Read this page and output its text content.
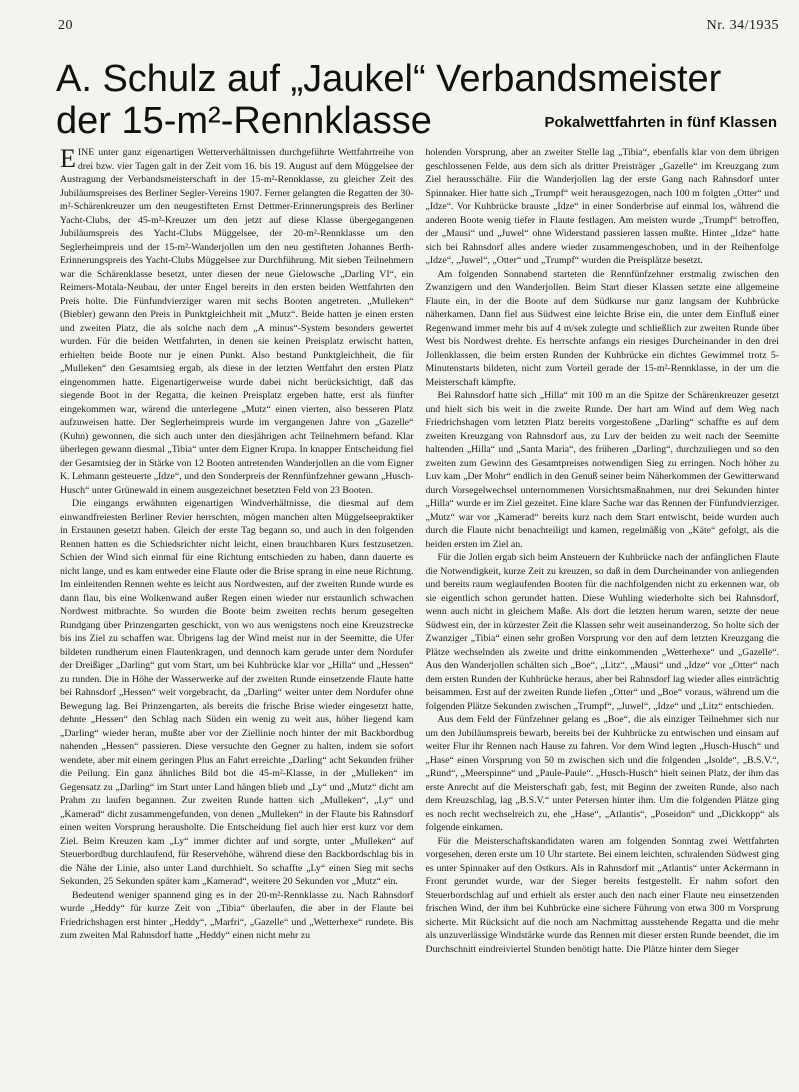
20	Nr. 34/1935
A. Schulz auf „Jaukel“ Verbandsmeister
der 15-m²-Rennklasse	Pokalwettfahrten in fünf Klassen

EINE unter ganz eigenartigen Wetterverhältnissen durchgeführte Wettfahrtreihe von drei bzw. vier Tagen galt in der Zeit vom 16. bis 19. August auf dem Müggelsee der Austragung der Verbandsmeisterschaft in der 15-m²-Rennklasse, zu gleicher Zeit des Jubiläumspreises des Berliner Segler-Vereins 1907. Ferner gelangten die Regatten der 30-m²-Schärenkreuzer um den neugestifteten Ernst Dettmer-Erinnerungspreis des Berliner Yacht-Clubs, der 45-m²-Kreuzer um den jetzt auf diese Klasse übergegangenen Jubiläumspreis des Yacht-Clubs Müggelsee, der 20-m²-Rennklasse um den Seglerheimpreis und der 15-m²-Wanderjollen um den neu gestifteten Johannes Berth-Erinnerungspreis des Yacht-Clubs Müggelsee zur Durchführung. Mit sieben Teilnehmern war die Schärenklasse besetzt, unter diesen der neue Gielowsche „Darling VI“, ein Reimers-Motala-Neubau, der unter Engel bereits in den ersten beiden Wettfahrten den Preis holte. Die Fünfundvierziger waren mit sechs Booten angetreten. „Mulleken“ (Biebler) gewann den Preis in Punktgleichheit mit „Mutz“. Beide hatten je einen ersten und zweiten Platz, die als solche nach dem „A minus“-System besonders gewertet wurden. Für die beiden Wettfahrten, in denen sie keinen Preisplatz erwischt hatten, erhielten beide Boote nur je einen Punkt. Also bestand Punktgleichheit, die für „Mulleken“ den Gesamtsieg ergab, als diese in der letzten Wettfahrt den ersten Platz eingenommen hatte. Eigenartigerweise wurde dabei nicht berücksichtigt, daß das siegende Boot in der Regatta, die keinen Preisplatz ergeben hatte, erst als fünfter eingekommen war, wärend die unterlegene „Mutz“ einen vierten, also besseren Platz aufzuweisen hatte. Der Seglerheimpreis wurde im vergangenen Jahre von „Gazelle“ (Kuhn) gewonnen, die sich auch unter den diesjährigen acht Teilnehmern befand. Klar überlegen gewann diesmal „Tibia“ unter dem Eigner Krupa. In knapper Entscheidung fiel der Gesamtsieg der in Stärke von 12 Booten antretenden Wanderjollen an die vom Eigner K. Lehmann gesteuerte „Idze“, und den Sonderpreis der Rennfünfzehner gewann „Husch-Husch“ unter Grünewald in einem ausgezeichnet besetzten Feld von 23 Booten.

Die eingangs erwähnten eigenartigen Windverhältnisse, die diesmal auf dem einwandfreiesten Berliner Revier herrschten, mögen manchen alten Müggelseepraktiker in Erstaunen gesetzt haben. Gleich der erste Tag begann so, und auch in den folgenden Rennen hatten es die Schiedsrichter nicht leicht, einen brauchbaren Kurs festzusetzen. Schien der Wind sich einmal für eine Richtung entschieden zu haben, dann dauerte es nicht lange, und es kam entweder eine Flaute oder die Brise sprang in eine neue Richtung. Im einleitenden Rennen wehte es leicht aus Nordwesten, auf der zweiten Runde wurde es dann flau, bis eine Wolkenwand außer Regen einen wieder nur erstaunlich schwachen Nordwest mitbrachte. So wurden die Boote beim zweiten rechts herum gesegelten Rundgang über Prinzengarten geschickt, von wo aus wenigstens noch eine Kreuzstrecke bis ins Ziel zu schaffen war. Übrigens lag der Wind meist nur in der Seemitte, die Ufer bildeten rundherum einen Flautenkragen, und dennoch kam gerade unter dem Nordufer der Dreißiger „Darling“ gut vom Start, um bei Kuhbrücke klar vor „Hilla“ und „Hessen“ zu runden. Die in Höhe der Wasserwerke auf der zweiten Runde einsetzende Flaute hatte bei Rahnsdorf „Hessen“ weit vorgebracht, da „Darling“ weiter unter dem Nordufer ohne Bewegung lag. Bei Prinzengarten, als bereits die frische Brise wieder eingesetzt hatte, dehnte „Hessen“ den Schlag nach Süden ein wenig zu weit aus, höher liegend kam „Darling“ wieder heran, mußte aber vor der Ziellinie noch hinter der mit Backbordbug nahenden „Hessen“ passieren. Diese versuchte den Gegner zu halten, indem sie sofort wendete, aber mit einem geringen Plus an Fahrt erreichte „Darling“ acht Sekunden früher die Peilung. Ein ganz ähnliches Bild bot die 45-m²-Klasse, in der „Mulleken“ im Gegensatz zu „Darling“ im Start unter Land hängen blieb und „Ly“ und „Mutz“ dicht am Prahm zu laufen begannen. Zur zweiten Runde hatten sich „Mulleken“, „Ly“ und „Kamerad“ dicht zusammengefunden, von denen „Mulleken“ in der Flaute bis Rahnsdorf einen weiten Vorsprung herausholte. Die Entscheidung fiel auch hier erst kurz vor dem Ziel. Beim Kreuzen kam „Ly“ immer dichter auf und sorgte, unter „Mulleken“ auf Steuerbordbug durchlaufend, für Reservehöhe, während diese den Backbordschlag bis in die Nähe der Linie, also unter Land durchhielt. So schaffte „Ly“ einen Sieg mit sechs Sekunden, 25 Sekunden später kam „Kamerad“, weitere 20 Sekunden vor „Mutz“ ein.

Bedeutend weniger spannend ging es in der 20-m²-Rennklasse zu. Nach Rahnsdorf wurde „Heddy“ für kurze Zeit von „Tibia“ überlaufen, die aber in der Flaute bei Friedrichshagen erst hinter „Heddy“, „Marfri“, „Gazelle“ und „Wetterhexe“ rundete. Bis zum zweiten Mal Rahnsdorf hatte „Heddy“ einen nicht mehr zu

holenden Vorsprung, aber an zweiter Stelle lag „Tibia“, ebenfalls klar von dem übrigen geschlossenen Felde, aus dem sich als dritter Preisträger „Gazelle“ im Kreuzgang zum Ziel herausschälte. Für die Wanderjollen lag der erste Gang nach Rahnsdorf unter Spinnaker. Hier hatte sich „Trumpf“ weit herausgezogen, nach 100 m folgten „Otter“ und „Idze“. Vor Kuhbrücke brauste „Idze“ in einer Sonderbrise auf einmal los, während die anderen Boote wenig tiefer in Flaute festlagen. Am meisten wurde „Trumpf“ betroffen, der „Mausi“ und „Juwel“ ohne Widerstand passieren lassen mußte. Hinter „Idze“ hatte sich bei Rahnsdorf alles andere wieder zusammengeschoben, und in der Reihenfolge „Idze“, „Juwel“, „Otter“ und „Trumpf“ wurden die Preisplätze besetzt.

Am folgenden Sonnabend starteten die Rennfünfzehner erstmalig zwischen den Zwanzigern und den Wanderjollen. Beim Start dieser Klassen setzte eine allgemeine Flaute ein, in der die Boote auf dem Südkurse nur ganz langsam der Kuhbrücke näherkamen. Dann fiel aus Südwest eine leichte Brise ein, die unter dem Einfluß einer Regenwand immer mehr bis auf 4 m/sek zulegte und schließlich zur zweiten Runde über West bis Nordwest drehte. Es herrschte anfangs ein riesiges Durcheinander in den drei Jollenklassen, die beim ersten Runden der Kuhbrücke ein dichtes Gewimmel trotz 5-Minutenstarts bildeten, nicht zum Vorteil gerade der 15-m²-Rennklasse, in der um die Meisterschaft kämpfte.

Bei Rahnsdorf hatte sich „Hilla“ mit 100 m an die Spitze der Schärenkreuzer gesetzt und hielt sich bis weit in die zweite Runde. Der hart am Wind auf dem Weg nach Friedrichshagen vom letzten Platz bereits vorgestoßene „Darling“ schaffte es auf dem zweiten Kreuzgang von Rahnsdorf aus, zu Luv der beiden zu weit nach der Seemitte haltenden „Hilla“ und „Santa Maria“, des früheren „Darling“, durchzuliegen und so den zweiten zum Gewinn des Gesamtpreises notwendigen Sieg zu erringen. Noch höher zu Luv kam „Der Mohr“ endlich in den Genuß seiner beim Näherkommen der Gewitterwand durch Vorsegelwechsel unternommenen Vorsichtsmaßnahmen, nur drei Sekunden hinter „Hilla“ wurde er im Ziel gezeitet. Eine klare Sache war das Rennen der Fünfundvierziger. „Mutz“ war vor „Kamerad“ bereits kurz nach dem Start entwischt, beide wurden auch durch die Flaute nicht benachteiligt und kamen, regelmäßig von „Käte“ gefolgt, als die beiden ersten im Ziel an.

Für die Jollen ergab sich beim Ansteuern der Kuhbrücke nach der anfänglichen Flaute die Notwendigkeit, kurze Zeit zu kreuzen, so daß in dem Durcheinander von anliegenden und bereits raum weglaufenden Booten für die nachfolgenden nicht zu erkennen war, ob sie eigentlich schon gerundet hatten. Diese Wuhling wiederholte sich bei Rahnsdorf, wenn auch nicht in gleichem Maße. Als dort die letzten herum waren, setzte der neue Südwest ein, der in kürzester Zeit die Klassen sehr weit auseinanderzog. So holte sich der Zwanziger „Tibia“ einen sehr großen Vorsprung vor den auf dem letzten Kreuzgang die Plätze wechselnden als zweite und dritte einkommenden „Wetterhexe“ und „Gazelle“. Aus den Wanderjollen schälten sich „Boe“, „Litz“, „Mausi“ und „Idze“ vor „Otter“ nach dem ersten Runden der Kuhbrücke heraus, aber bei Rahnsdorf lag wieder alles einträchtig beisammen. Erst auf der zweiten Runde liefen „Otter“ und „Boe“ voraus, während um die folgenden Plätze Sekunden zwischen „Trumpf“, „Juwel“, „Idze“ und „Litz“ entschieden.

Aus dem Feld der Fünfzehner gelang es „Boe“, die als einziger Teilnehmer sich nur um den Jubiläumspreis bewarb, bereits bei der Kuhbrücke zu entwischen und einsam auf weiter Flur ihr Rennen nach Hause zu fahren. Vor dem Wind legten „Husch-Husch“ und „Hase“ einen Vorsprung von 50 m zwischen sich und die folgenden „Isolde“, „B.S.V.“, „Rund“, „Meerspinne“ und „Paule-Paule“. „Husch-Husch“ hielt seinen Platz, der ihm das erste Anrecht auf die Meisterschaft gab, fest, mit Beginn der zweiten Runde, also nach dem Kreuzschlag, lag „B.S.V.“ unter Petersen hinter ihm. Um die folgenden Plätze ging es noch recht wechselreich zu, ehe „Hase“, „Atlantis“, „Poseidon“ und „Dickkopp“ als folgende einkamen.

Für die Meisterschaftskandidaten waren am folgenden Sonntag zwei Wettfahrten vorgesehen, deren erste um 10 Uhr startete. Bei einem leichten, schralenden Südwest ging es unter Spinnaker auf den Ostkurs. Als in Rahnsdorf mit „Atlantis“ unter Ackermann in Front gerundet wurde, war der Sieger bereits festgestellt. Er nahm sofort den Steuerbordschlag auf und erhielt als erster auch den nach einer Flaute neu einsetzenden frischen Wind, der ihm bei Kuhbrücke eine sichere Führung von etwa 300 m Vorsprung sicherte. Mit Rücksicht auf die noch am Nachmittag ausstehende Regatta und die mehr als unzuverlässige Windstärke wurde das Rennen mit dieser ersten Runde beendet, die im Durchschnitt eindreiviertel Stunden benötigt hatte. Die Plätze hinter dem Sieger
